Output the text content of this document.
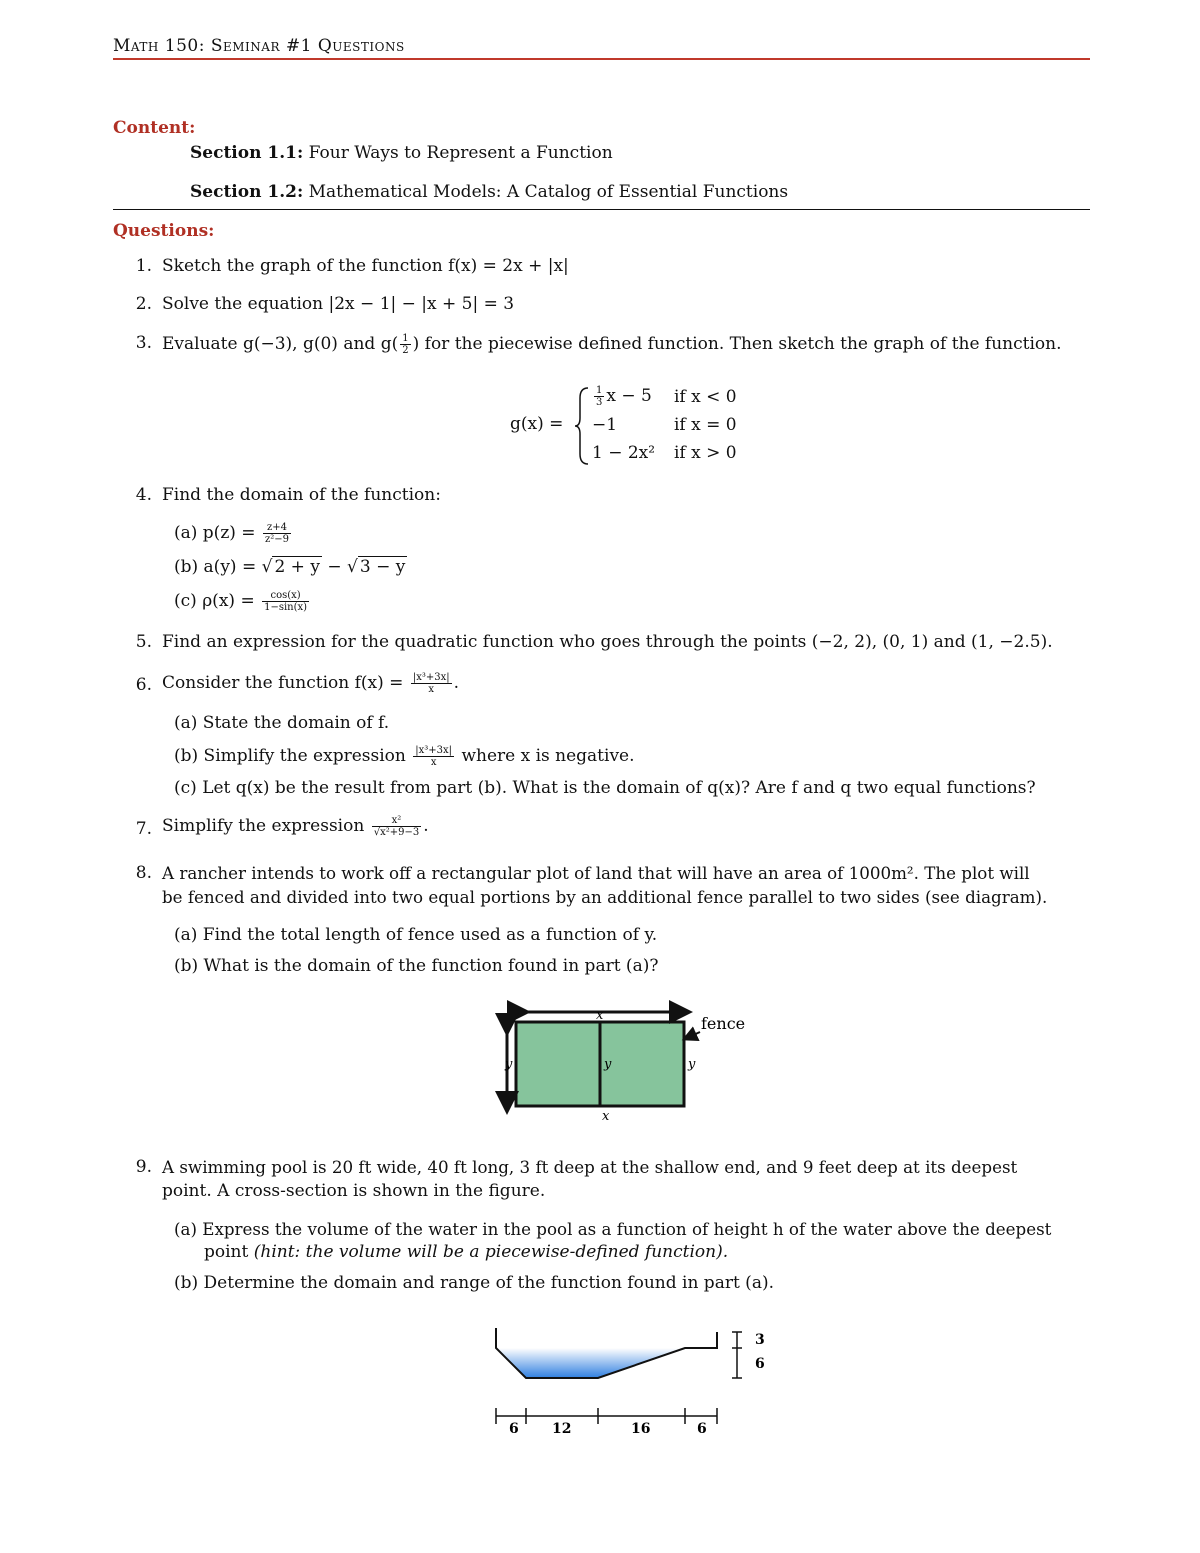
Math 150: Seminar #1 Questions
Content:
Section 1.1: Four Ways to Represent a Function
Section 1.2: Mathematical Models: A Catalog of Essential Functions
Questions:
1. Sketch the graph of the function f(x) = 2x + |x|
2. Solve the equation |2x − 1| − |x + 5| = 3
3. Evaluate g(−3), g(0) and $g( \frac{1}{2}$ ) for the piecewise defined function. Then sketch the graph of the function.
g(x) =
$\frac{1}{3}$ x − 5 if x < 0
−1	if x = 0
1 − 2x² if x > 0
4. Find the domain of the function:
(a) $p(z) = \frac{z+4}{\text{z²−9}}$
(b) a(y) = √ 2 + y − √ 3 − y
(c) $\rho(x) = \frac{\cos(x)}{1-\sin(x)}$
5. Find an expression for the quadratic function who goes through the points (−2, 2), (0, 1) and (1, −2.5).
6. Consider the function $f(x) = \frac{\text{|x³+3x|}}{x}$ .
(a) State the domain of f.
(b) Simplify the expression $\frac{\text{|x³+3x|}}{x}$ where x is negative.
(c) Let q(x) be the result from part (b). What is the domain of q(x)? Are f and q two equal functions?
7. Simplify the expression $\frac{\text{x²}}{\text{√x²+9−3}}$ .
8. A rancher intends to work off a rectangular plot of land that will have an area of 1000m². The plot will
be fenced and divided into two equal portions by an additional fence parallel to two sides (see diagram).
(a) Find the total length of fence used as a function of y.
(b) What is the domain of the function found in part (a)?
x
x
y	y	y
fence
9. A swimming pool is 20 ft wide, 40 ft long, 3 ft deep at the shallow end, and 9 feet deep at its deepest
point. A cross-section is shown in the figure.
(a) Express the volume of the water in the pool as a function of height h of the water above the deepest
point (hint: the volume will be a piecewise-defined function).
(b) Determine the domain and range of the function found in part (a).
3
6
6 12	16	6
